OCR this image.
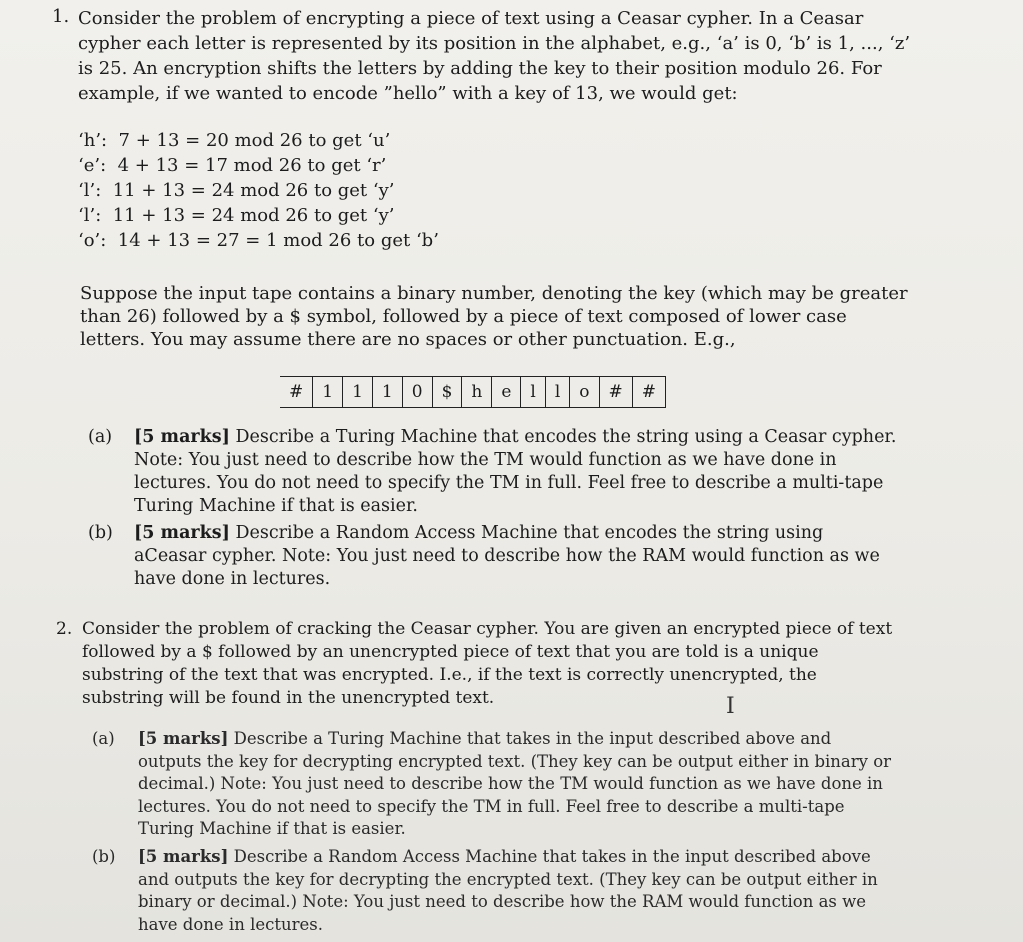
1. Consider the problem of encrypting a piece of text using a Ceasar cypher. In a Ceasar cypher each letter is represented by its position in the alphabet, e.g., ‘a’ is 0, ‘b’ is 1, ..., ‘z’ is 25. An encryption shifts the letters by adding the key to their position modulo 26. For example, if we wanted to encode ”hello” with a key of 13, we would get:
‘h’:  7 + 13 = 20 mod 26 to get ‘u’
‘e’:  4 + 13 = 17 mod 26 to get ‘r’
‘l’:  11 + 13 = 24 mod 26 to get ‘y’
‘l’:  11 + 13 = 24 mod 26 to get ‘y’
‘o’:  14 + 13 = 27 = 1 mod 26 to get ‘b’
Suppose the input tape contains a binary number, denoting the key (which may be greater than 26) followed by a $ symbol, followed by a piece of text composed of lower case letters. You may assume there are no spaces or other punctuation. E.g.,
#	1	1	1	0	$	h	e	l	l	o	#	#
(a)	[5 marks] Describe a Turing Machine that encodes the string using a Ceasar cypher. Note: You just need to describe how the TM would function as we have done in lectures. You do not need to specify the TM in full. Feel free to describe a multi-tape Turing Machine if that is easier.
(b)	[5 marks] Describe a Random Access Machine that encodes the string using aCeasar cypher. Note: You just need to describe how the RAM would function as we have done in lectures.
2. Consider the problem of cracking the Ceasar cypher. You are given an encrypted piece of text followed by a $ followed by an unencrypted piece of text that you are told is a unique substring of the text that was encrypted. I.e., if the text is correctly unencrypted, the substring will be found in the unencrypted text.	I
(a)	[5 marks] Describe a Turing Machine that takes in the input described above and outputs the key for decrypting encrypted text. (They key can be output either in binary or decimal.) Note: You just need to describe how the TM would function as we have done in lectures. You do not need to specify the TM in full. Feel free to describe a multi-tape Turing Machine if that is easier.
(b)	[5 marks] Describe a Random Access Machine that takes in the input described above and outputs the key for decrypting the encrypted text. (They key can be output either in binary or decimal.) Note: You just need to describe how the RAM would function as we have done in lectures.
